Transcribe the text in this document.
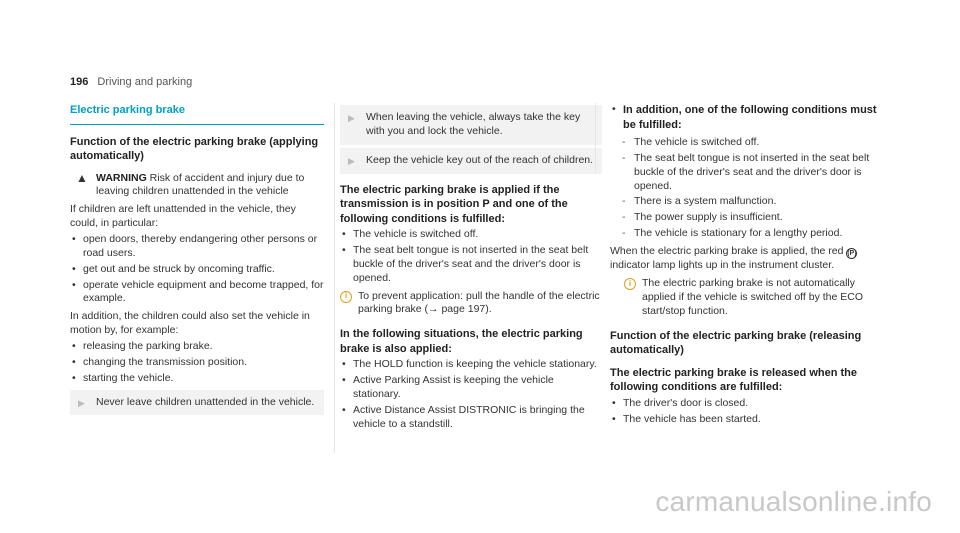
196 Driving and parking
Electric parking brake
Function of the electric parking brake (applying automatically)
▲ WARNING Risk of accident and injury due to leaving children unattended in the vehicle

If children are left unattended in the vehicle, they could, in particular:

• open doors, thereby endangering other persons or road users.
• get out and be struck by oncoming traffic.
• operate vehicle equipment and become trapped, for example.

In addition, the children could also set the vehicle in motion by, for example:

• releasing the parking brake.
• changing the transmission position.
• starting the vehicle.
▶ Never leave children unattended in the vehicle.
▶ When leaving the vehicle, always take the key with you and lock the vehicle.
▶ Keep the vehicle key out of the reach of children.
The electric parking brake is applied if the transmission is in position P and one of the following conditions is fulfilled:
• The vehicle is switched off.
• The seat belt tongue is not inserted in the seat belt buckle of the driver's seat and the driver's door is opened.
i	To prevent application: pull the handle of the electric parking brake (→ page 197).
In the following situations, the electric parking brake is also applied:
• The HOLD function is keeping the vehicle stationary.
• Active Parking Assist is keeping the vehicle stationary.
• Active Distance Assist DISTRONIC is bringing the vehicle to a standstill.
• In addition, one of the following conditions must be fulfilled:
- The vehicle is switched off.
- The seat belt tongue is not inserted in the seat belt buckle of the driver's seat and the driver's door is opened.
- There is a system malfunction.
- The power supply is insufficient.
- The vehicle is stationary for a lengthy period.

When the electric parking brake is applied, the red (P) indicator lamp lights up in the instrument cluster.

i	The electric parking brake is not automatically applied if the vehicle is switched off by the ECO start/stop function.
Function of the electric parking brake (releasing automatically)
The electric parking brake is released when the following conditions are fulfilled:
• The driver's door is closed.
• The vehicle has been started.
carmanualsonline.info
